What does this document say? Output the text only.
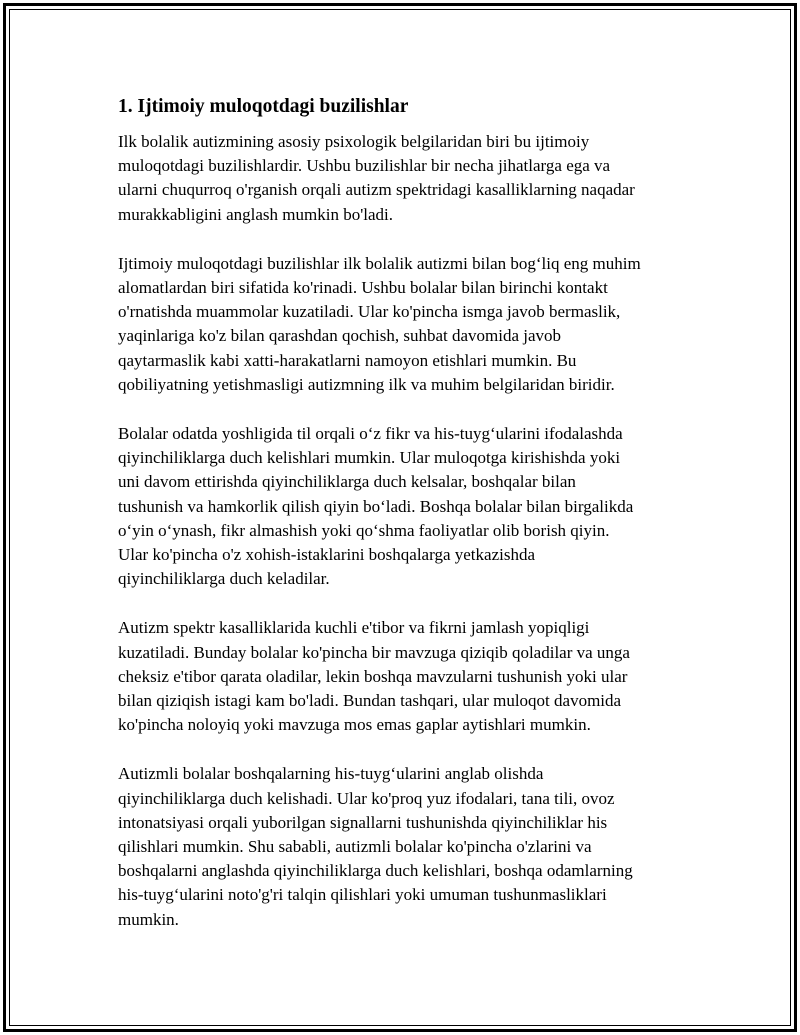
1. Ijtimoiy muloqotdagi buzilishlar
Ilk bolalik autizmining asosiy psixologik belgilaridan biri bu ijtimoiy
muloqotdagi buzilishlardir. Ushbu buzilishlar bir necha jihatlarga ega va
ularni chuqurroq o'rganish orqali autizm spektridagi kasalliklarning naqadar
murakkabligini anglash mumkin bo'ladi.
Ijtimoiy muloqotdagi buzilishlar ilk bolalik autizmi bilan bog‘liq eng muhim
alomatlardan biri sifatida ko'rinadi. Ushbu bolalar bilan birinchi kontakt
o'rnatishda muammolar kuzatiladi. Ular ko'pincha ismga javob bermaslik,
yaqinlariga ko'z bilan qarashdan qochish, suhbat davomida javob
qaytarmaslik kabi xatti-harakatlarni namoyon etishlari mumkin. Bu
qobiliyatning yetishmasligi autizmning ilk va muhim belgilaridan biridir.
Bolalar odatda yoshligida til orqali o‘z fikr va his-tuyg‘ularini ifodalashda
qiyinchiliklarga duch kelishlari mumkin. Ular muloqotga kirishishda yoki
uni davom ettirishda qiyinchiliklarga duch kelsalar, boshqalar bilan
tushunish va hamkorlik qilish qiyin bo‘ladi. Boshqa bolalar bilan birgalikda
o‘yin o‘ynash, fikr almashish yoki qo‘shma faoliyatlar olib borish qiyin.
Ular ko'pincha o'z xohish-istaklarini boshqalarga yetkazishda
qiyinchiliklarga duch keladilar.
Autizm spektr kasalliklarida kuchli e'tibor va fikrni jamlash yopiqligi
kuzatiladi. Bunday bolalar ko'pincha bir mavzuga qiziqib qoladilar va unga
cheksiz e'tibor qarata oladilar, lekin boshqa mavzularni tushunish yoki ular
bilan qiziqish istagi kam bo'ladi. Bundan tashqari, ular muloqot davomida
ko'pincha noloyiq yoki mavzuga mos emas gaplar aytishlari mumkin.
Autizmli bolalar boshqalarning his-tuyg‘ularini anglab olishda
qiyinchiliklarga duch kelishadi. Ular ko'proq yuz ifodalari, tana tili, ovoz
intonatsiyasi orqali yuborilgan signallarni tushunishda qiyinchiliklar his
qilishlari mumkin. Shu sababli, autizmli bolalar ko'pincha o'zlarini va
boshqalarni anglashda qiyinchiliklarga duch kelishlari, boshqa odamlarning
his-tuyg‘ularini noto'g'ri talqin qilishlari yoki umuman tushunmasliklari
mumkin.
